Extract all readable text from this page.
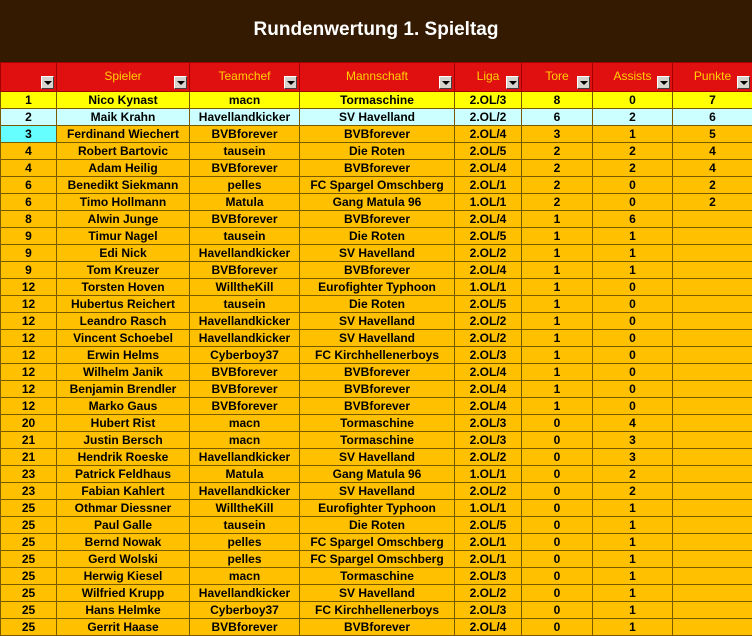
Rundenwertung 1. Spieltag
	Spieler	Teamchef	Mannschaft	Liga	Tore	Assists	Punkte

1	Nico Kynast	macn	Tormaschine	2.OL/3	8	0	7
2	Maik Krahn	Havellandkicker	SV Havelland	2.OL/2	6	2	6
3	Ferdinand Wiechert	BVBforever	BVBforever	2.OL/4	3	1	5
4	Robert Bartovic	tausein	Die Roten	2.OL/5	2	2	4
4	Adam Heilig	BVBforever	BVBforever	2.OL/4	2	2	4
6	Benedikt Siekmann	pelles	FC Spargel Omschberg	2.OL/1	2	0	2
6	Timo Hollmann	Matula	Gang Matula 96	1.OL/1	2	0	2
8	Alwin Junge	BVBforever	BVBforever	2.OL/4	1	6	
9	Timur Nagel	tausein	Die Roten	2.OL/5	1	1	
9	Edi Nick	Havellandkicker	SV Havelland	2.OL/2	1	1	
9	Tom Kreuzer	BVBforever	BVBforever	2.OL/4	1	1	
12	Torsten Hoven	WilltheKill	Eurofighter Typhoon	1.OL/1	1	0	
12	Hubertus Reichert	tausein	Die Roten	2.OL/5	1	0	
12	Leandro Rasch	Havellandkicker	SV Havelland	2.OL/2	1	0	
12	Vincent Schoebel	Havellandkicker	SV Havelland	2.OL/2	1	0	
12	Erwin Helms	Cyberboy37	FC Kirchhellenerboys	2.OL/3	1	0	
12	Wilhelm Janik	BVBforever	BVBforever	2.OL/4	1	0	
12	Benjamin Brendler	BVBforever	BVBforever	2.OL/4	1	0	
12	Marko Gaus	BVBforever	BVBforever	2.OL/4	1	0	
20	Hubert Rist	macn	Tormaschine	2.OL/3	0	4	
21	Justin Bersch	macn	Tormaschine	2.OL/3	0	3	
21	Hendrik Roeske	Havellandkicker	SV Havelland	2.OL/2	0	3	
23	Patrick Feldhaus	Matula	Gang Matula 96	1.OL/1	0	2	
23	Fabian Kahlert	Havellandkicker	SV Havelland	2.OL/2	0	2	
25	Othmar Diessner	WilltheKill	Eurofighter Typhoon	1.OL/1	0	1	
25	Paul Galle	tausein	Die Roten	2.OL/5	0	1	
25	Bernd Nowak	pelles	FC Spargel Omschberg	2.OL/1	0	1	
25	Gerd Wolski	pelles	FC Spargel Omschberg	2.OL/1	0	1	
25	Herwig Kiesel	macn	Tormaschine	2.OL/3	0	1	
25	Wilfried Krupp	Havellandkicker	SV Havelland	2.OL/2	0	1	
25	Hans Helmke	Cyberboy37	FC Kirchhellenerboys	2.OL/3	0	1	
25	Gerrit Haase	BVBforever	BVBforever	2.OL/4	0	1	
